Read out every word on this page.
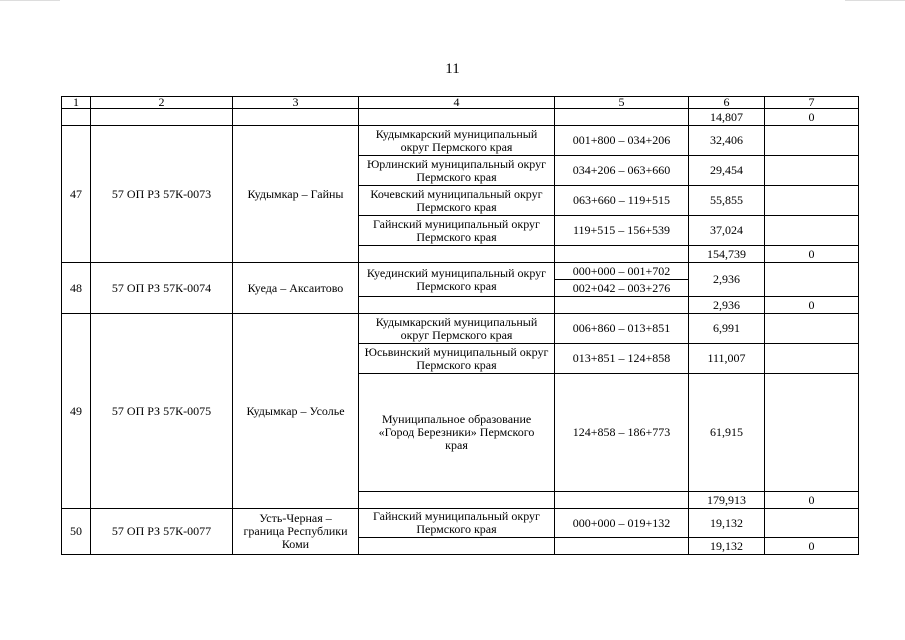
11
1	2	3	4	5	6	7
					14,807	0
47	57 ОП РЗ 57К-0073	Кудымкар – Гайны	Кудымкарский муниципальный округ Пермского края	001+800 – 034+206	32,406	
			Юрлинский муниципальный округ Пермского края	034+206 – 063+660	29,454	
			Кочевский муниципальный округ Пермского края	063+660 – 119+515	55,855	
			Гайнский муниципальный округ Пермского края	119+515 – 156+539	37,024	
					154,739	0
48	57 ОП РЗ 57К-0074	Куеда – Аксаитово	Куединский муниципальный округ Пермского края	000+000 – 001+702	2,936	
				002+042 – 003+276		
					2,936	0
49	57 ОП РЗ 57К-0075	Кудымкар – Усолье	Кудымкарский муниципальный округ Пермского края	006+860 – 013+851	6,991	
			Юсьвинский муниципальный округ Пермского края	013+851 – 124+858	111,007	
			Муниципальное образование «Город Березники» Пермского края	124+858 – 186+773	61,915	
					179,913	0
50	57 ОП РЗ 57К-0077	Усть-Черная – граница Республики Коми	Гайнский муниципальный округ Пермского края	000+000 – 019+132	19,132	
					19,132	0
